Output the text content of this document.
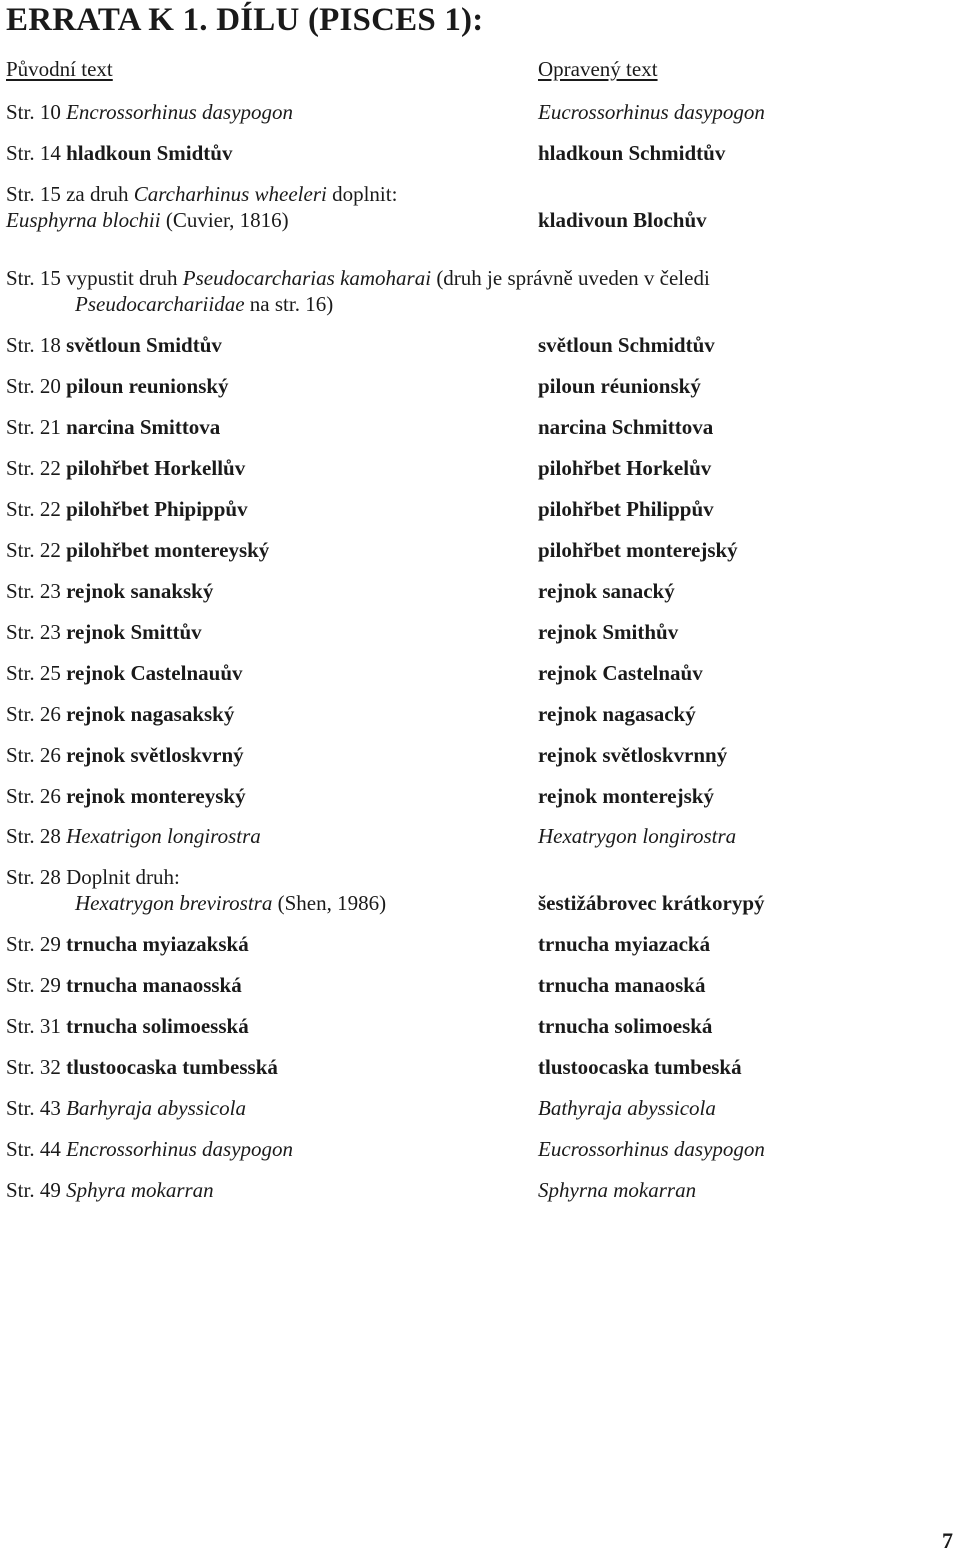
ERRATA K 1. DÍLU (PISCES 1):
Původní text	Opravený text
Str. 10 Encrossorhinus dasypogon	Eucrossorhinus dasypogon
Str. 14 hladkoun Smidtův	hladkoun Schmidtův
Str. 15 za druh Carcharhinus wheeleri doplnit:
Eusphyrna blochii (Cuvier, 1816)	kladivoun Blochův
Str. 15 vypustit druh Pseudocarcharias kamoharai (druh je správně uveden v čeledi
Pseudocarchariidae na str. 16)
Str. 18 světloun Smidtův	světloun Schmidtův
Str. 20 piloun reunionský	piloun réunionský
Str. 21 narcina Smittova	narcina Schmittova
Str. 22 pilohřbet Horkellův	pilohřbet Horkelův
Str. 22 pilohřbet Phipippův	pilohřbet Philippův
Str. 22 pilohřbet montereyský	pilohřbet monterejský
Str. 23 rejnok sanakský	rejnok sanacký
Str. 23 rejnok Smittův	rejnok Smithův
Str. 25 rejnok Castelnauův	rejnok Castelnaův
Str. 26 rejnok nagasakský	rejnok nagasacký
Str. 26 rejnok světloskvrný	rejnok světloskvrnný
Str. 26 rejnok montereyský	rejnok monterejský
Str. 28 Hexatrigon longirostra	Hexatrygon longirostra
Str. 28 Doplnit druh:
Hexatrygon brevirostra (Shen, 1986)	šestižábrovec krátkorypý
Str. 29 trnucha myiazakská	trnucha myiazacká
Str. 29 trnucha manaosská	trnucha manaoská
Str. 31 trnucha solimoesská	trnucha solimoeská
Str. 32 tlustoocaska tumbesská	tlustoocaska tumbeská
Str. 43 Barhyraja abyssicola	Bathyraja abyssicola
Str. 44 Encrossorhinus dasypogon	Eucrossorhinus dasypogon
Str. 49 Sphyra mokarran	Sphyrna mokarran
7
